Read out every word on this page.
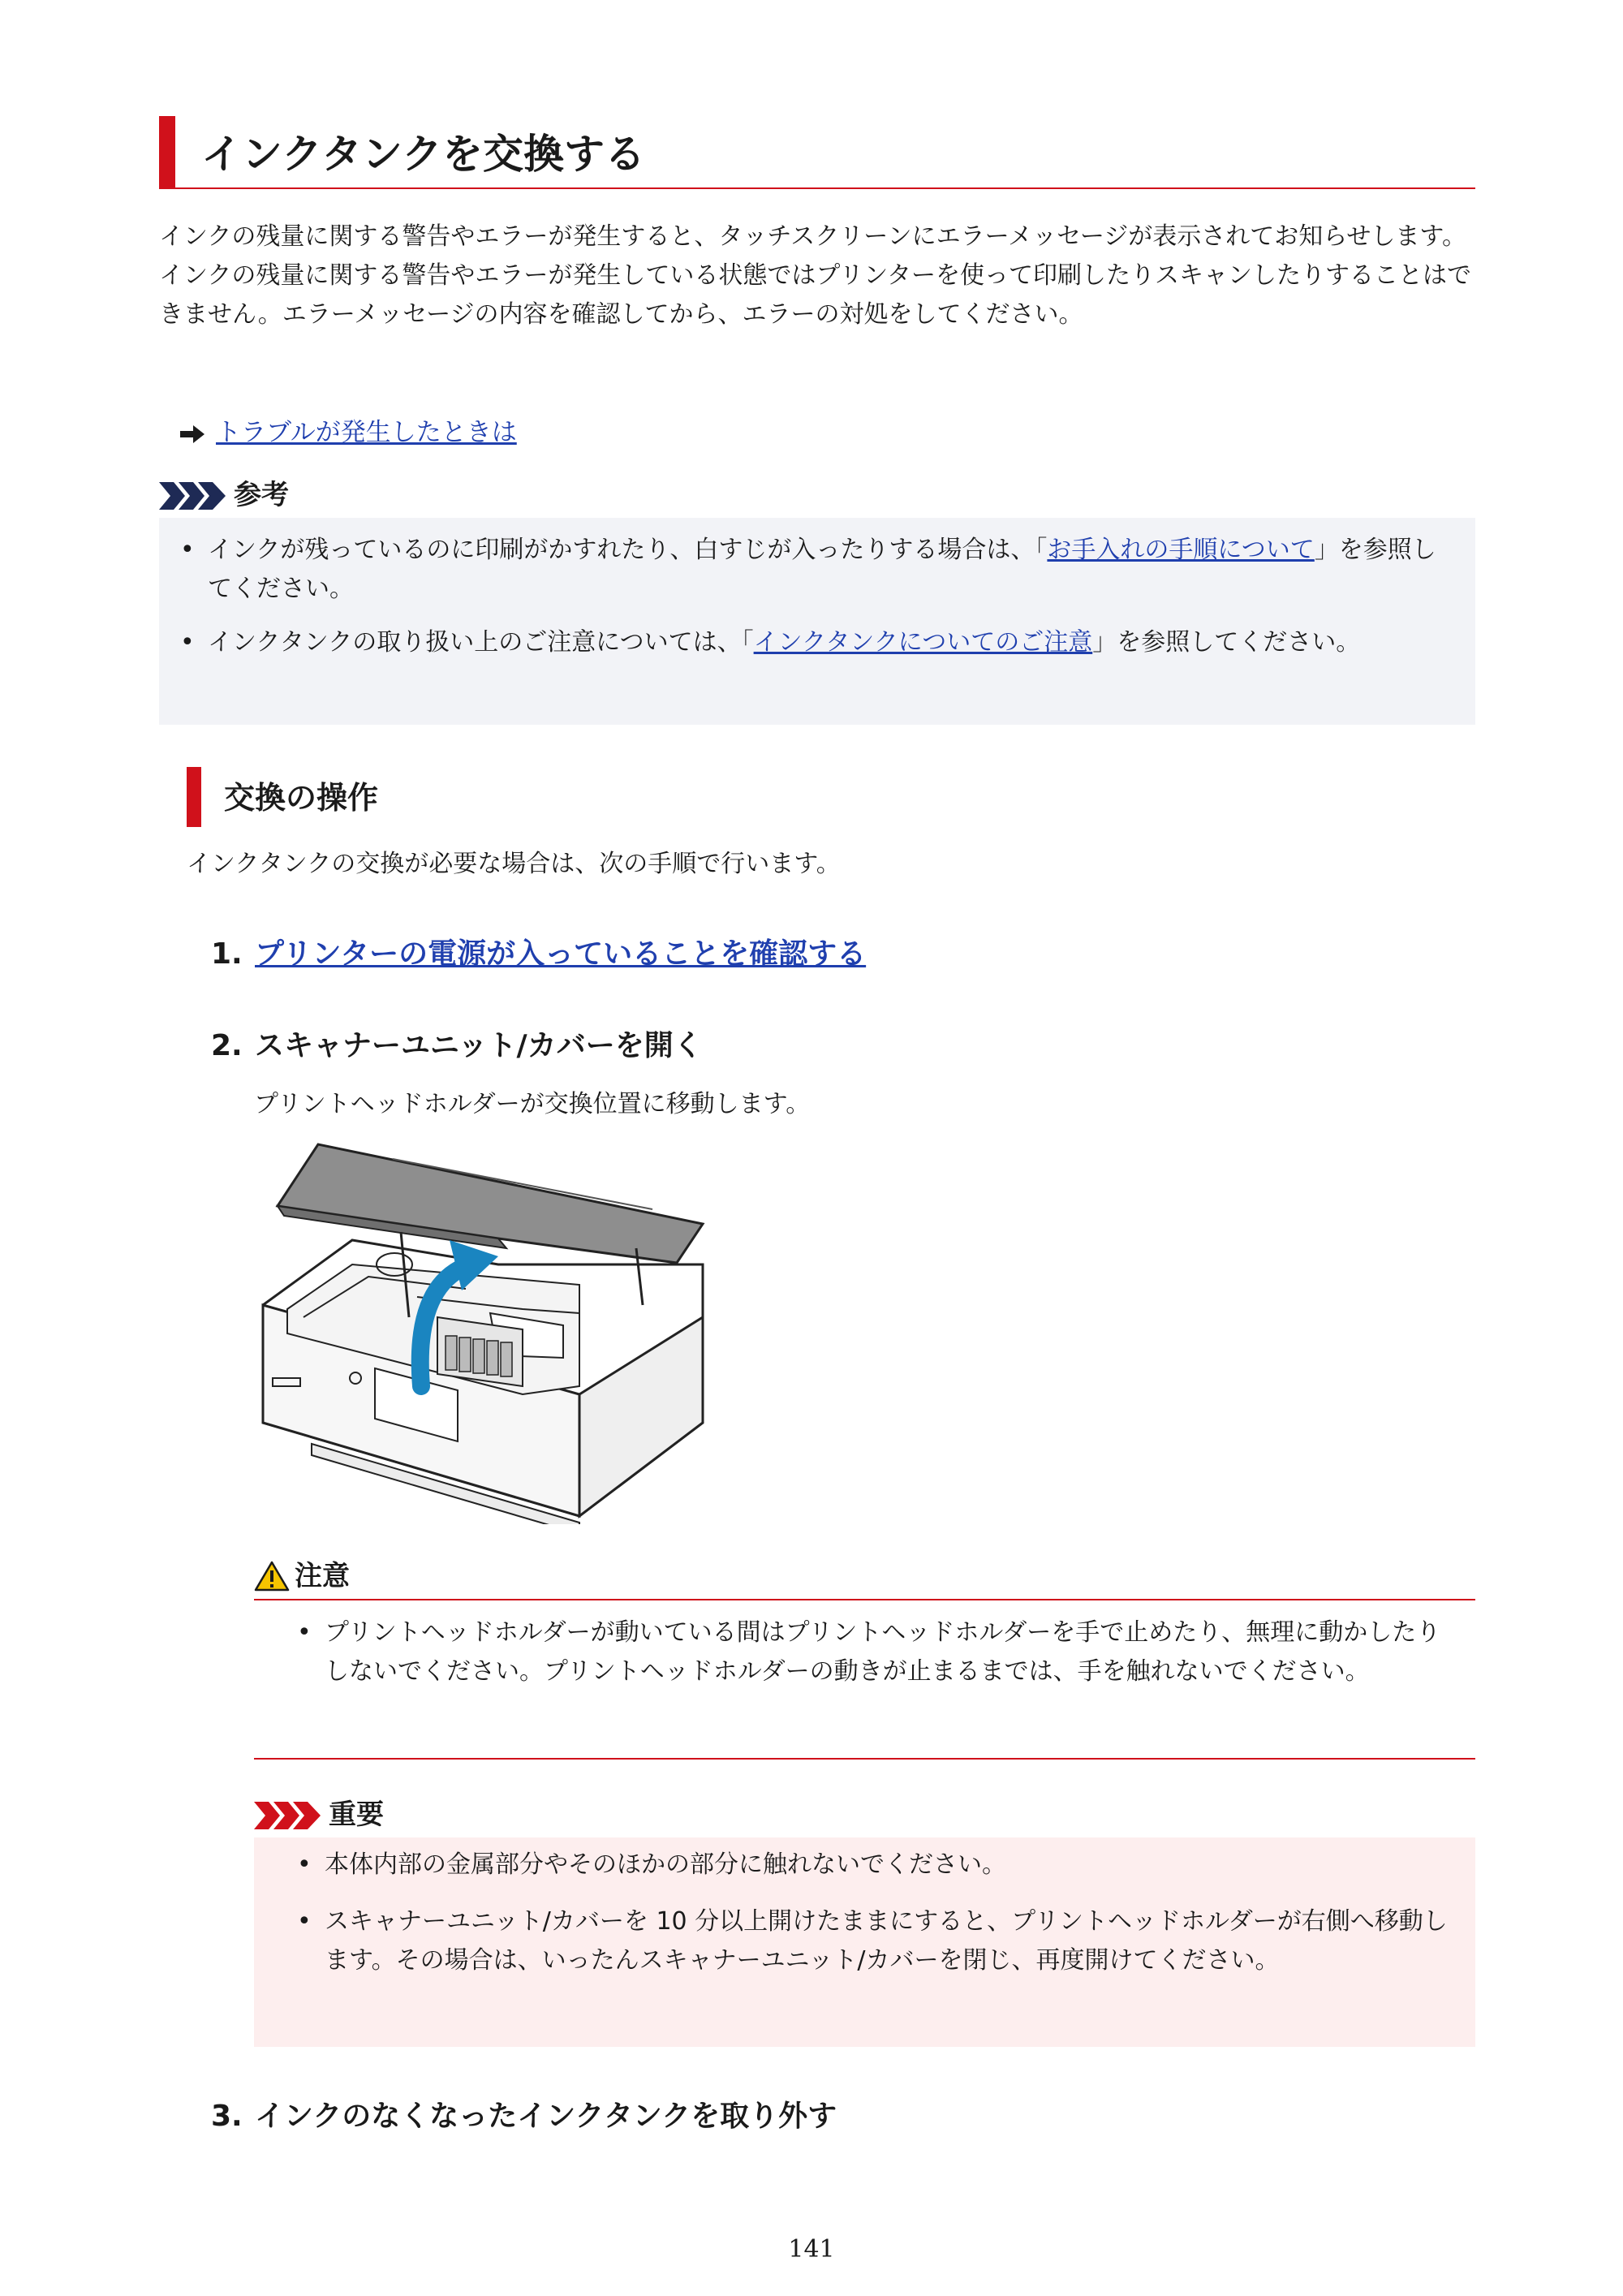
インクタンクを交換する

インクの残量に関する警告やエラーが発生すると、タッチスクリーンにエラーメッセージが表示されてお知らせします。インクの残量に関する警告やエラーが発生している状態ではプリンターを使って印刷したりスキャンしたりすることはできません。エラーメッセージの内容を確認してから、エラーの対処をしてください。

トラブルが発生したときは
参考
• インクが残っているのに印刷がかすれたり、白すじが入ったりする場合は、「お手入れの手順について」を参照してください。
• インクタンクの取り扱い上のご注意については、「インクタンクについてのご注意」を参照してください。
交換の操作

インクタンクの交換が必要な場合は、次の手順で行います。

1. プリンターの電源が入っていることを確認する
2. スキャナーユニット/カバーを開く

プリントヘッドホルダーが交換位置に移動します。

注意
• プリントヘッドホルダーが動いている間はプリントヘッドホルダーを手で止めたり、無理に動かしたりしないでください。プリントヘッドホルダーの動きが止まるまでは、手を触れないでください。
重要
• 本体内部の金属部分やそのほかの部分に触れないでください。
• スキャナーユニット/カバーを 10 分以上開けたままにすると、プリントヘッドホルダーが右側へ移動します。その場合は、いったんスキャナーユニット/カバーを閉じ、再度開けてください。
3. インクのなくなったインクタンクを取り外す

141
